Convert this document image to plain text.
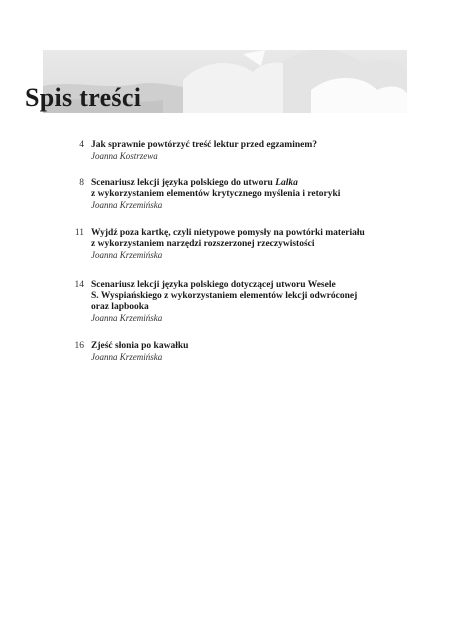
Spis treści
4 Jak sprawnie powtórzyć treść lektur przed egzaminem?
Joanna Kostrzewa
8 Scenariusz lekcji języka polskiego do utworu Lalka
z wykorzystaniem elementów krytycznego myślenia i retoryki
Joanna Krzemińska
11 Wyjdź poza kartkę, czyli nietypowe pomysły na powtórki materiału
z wykorzystaniem narzędzi rozszerzonej rzeczywistości
Joanna Krzemińska
14 Scenariusz lekcji języka polskiego dotyczącej utworu Wesele
S. Wyspiańskiego z wykorzystaniem elementów lekcji odwróconej
oraz lapbooka
Joanna Krzemińska
16 Zjeść słonia po kawałku
Joanna Krzemińska
